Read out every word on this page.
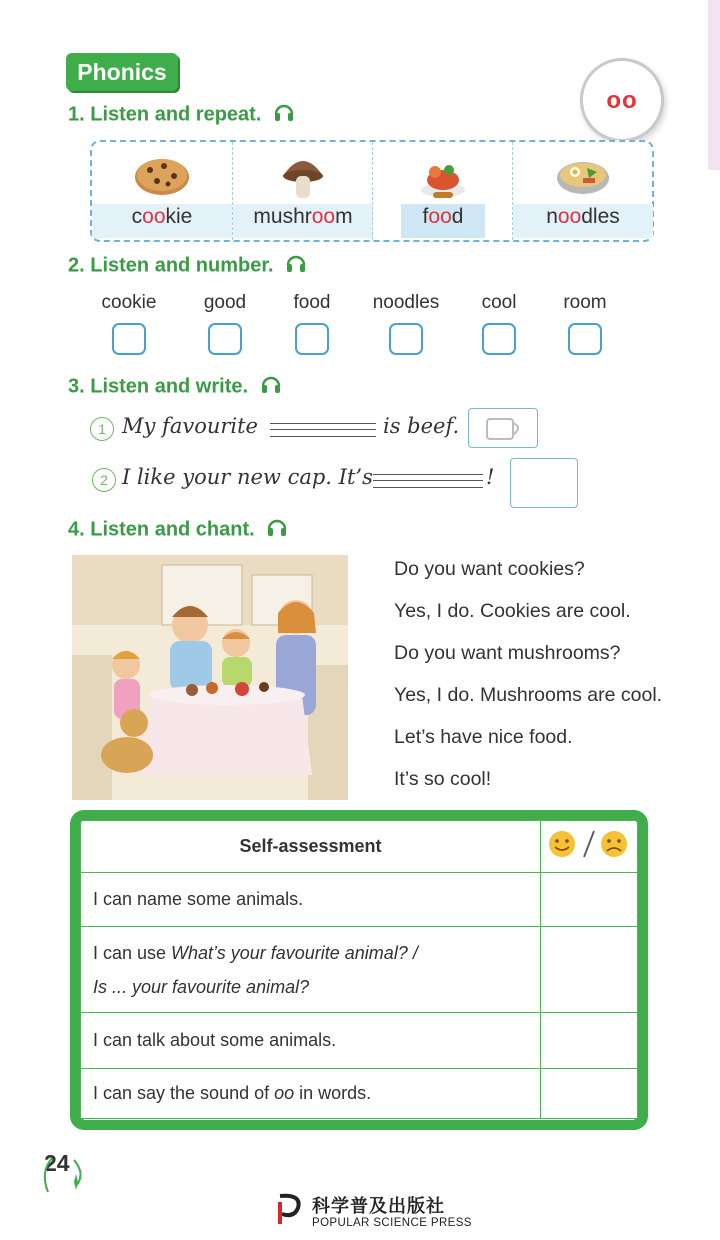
Phonics
oo
1. Listen and repeat.
cookie	mushroom	food	noodles
2. Listen and number.
cookie	good	food	noodles	cool	room
3. Listen and write.
1 My favourite	is beef.
2 I like your new cap. It’s	!
4. Listen and chant.
Do you want cookies?
Yes, I do. Cookies are cool.
Do you want mushrooms?
Yes, I do. Mushrooms are cool.
Let’s have nice food.
It’s so cool!
Self-assessment	
I can name some animals.	
I can use What’s your favourite animal? /
Is ... your favourite animal?	
I can talk about some animals.	
I can say the sound of oo in words.	
24
科学普及出版社
POPULAR SCIENCE PRESS
